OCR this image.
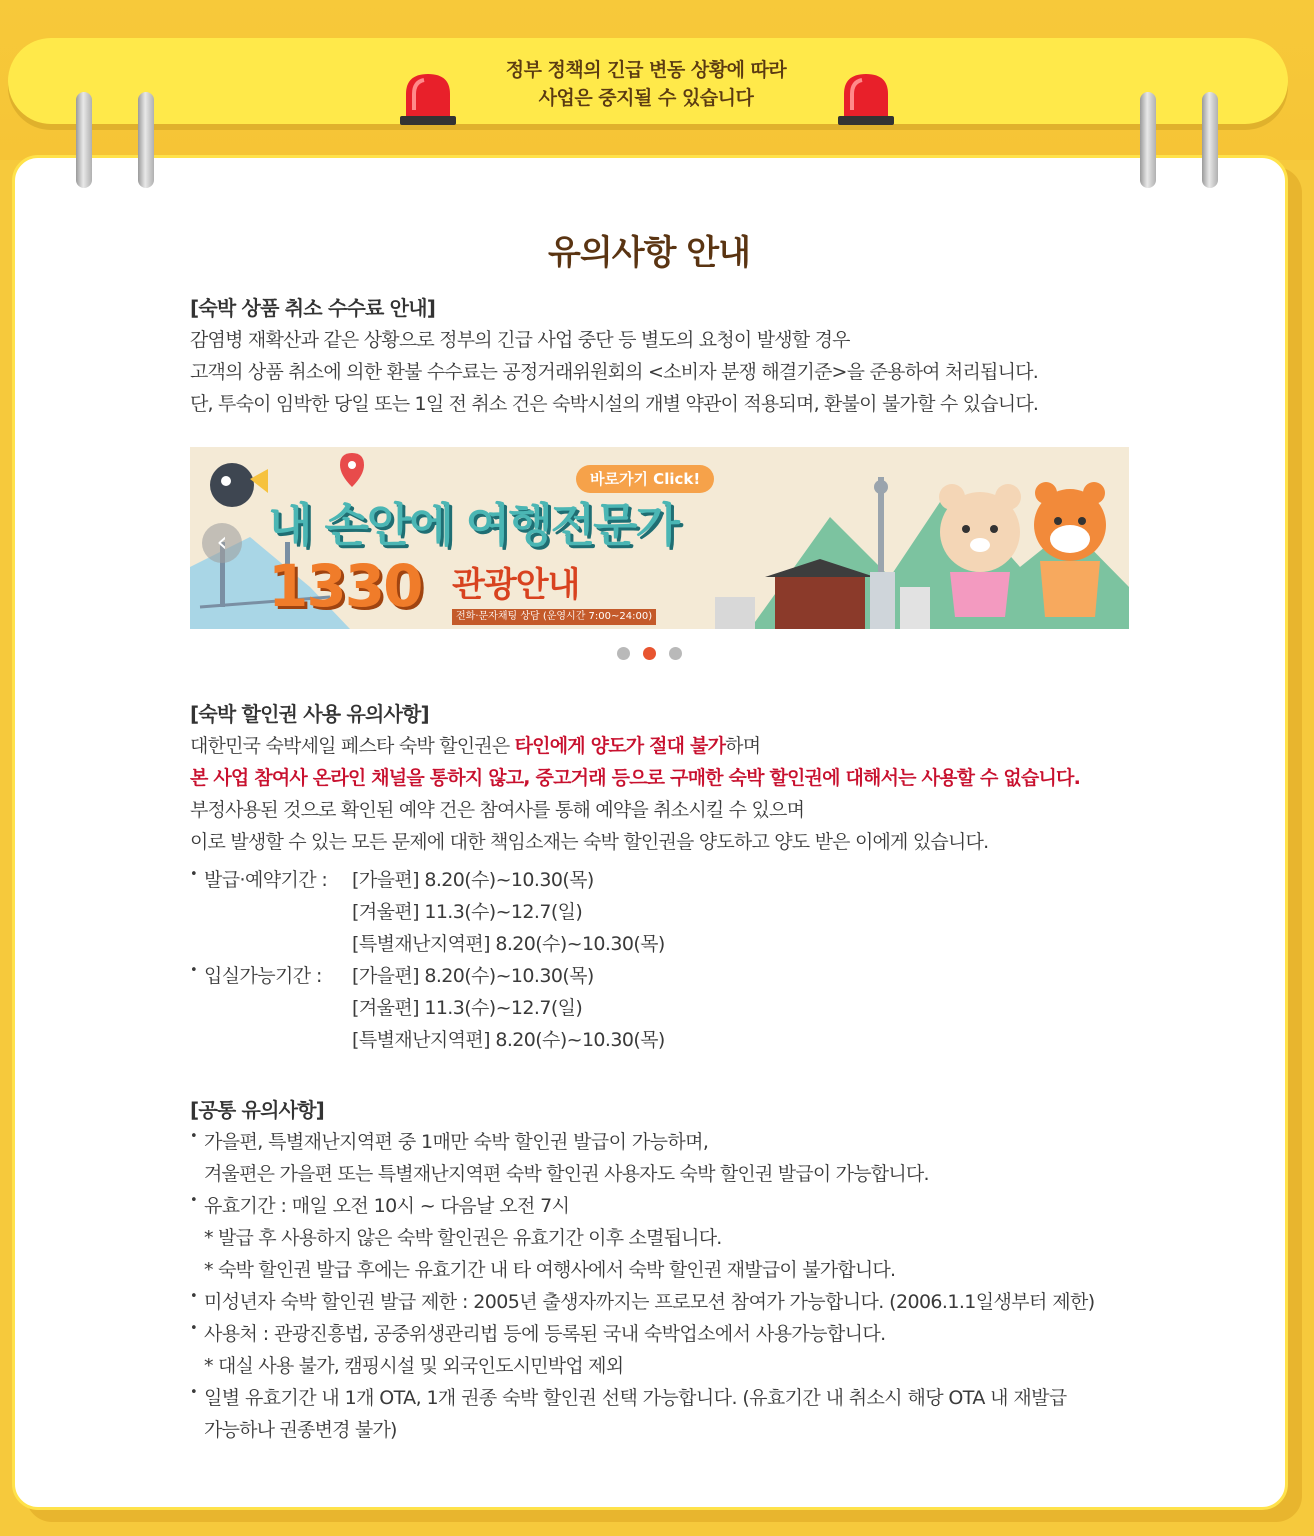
정부 정책의 긴급 변동 상황에 따라
사업은 중지될 수 있습니다
유의사항 안내
[숙박 상품 취소 수수료 안내]
감염병 재확산과 같은 상황으로 정부의 긴급 사업 중단 등 별도의 요청이 발생할 경우
고객의 상품 취소에 의한 환불 수수료는 공정거래위원회의 <소비자 분쟁 해결기준>을 준용하여 처리됩니다.
단, 투숙이 임박한 당일 또는 1일 전 취소 건은 숙박시설의 개별 약관이 적용되며, 환불이 불가할 수 있습니다.
바로가기 Click!
내 손안에 여행전문가
1330 관광안내
전화·문자채팅 상담 (운영시간 7:00~24:00)
‹
[숙박 할인권 사용 유의사항]
대한민국 숙박세일 페스타 숙박 할인권은 타인에게 양도가 절대 불가하며
본 사업 참여사 온라인 채널을 통하지 않고, 중고거래 등으로 구매한 숙박 할인권에 대해서는 사용할 수 없습니다.
부정사용된 것으로 확인된 예약 건은 참여사를 통해 예약을 취소시킬 수 있으며
이로 발생할 수 있는 모든 문제에 대한 책임소재는 숙박 할인권을 양도하고 양도 받은 이에게 있습니다.
• 발급·예약기간 :	[가을편] 8.20(수)~10.30(목)
[겨울편] 11.3(수)~12.7(일)
[특별재난지역편] 8.20(수)~10.30(목)
• 입실가능기간 :	[가을편] 8.20(수)~10.30(목)
[겨울편] 11.3(수)~12.7(일)
[특별재난지역편] 8.20(수)~10.30(목)
[공통 유의사항]
• 가을편, 특별재난지역편 중 1매만 숙박 할인권 발급이 가능하며,
겨울편은 가을편 또는 특별재난지역편 숙박 할인권 사용자도 숙박 할인권 발급이 가능합니다.
• 유효기간 : 매일 오전 10시 ~ 다음날 오전 7시
* 발급 후 사용하지 않은 숙박 할인권은 유효기간 이후 소멸됩니다.
* 숙박 할인권 발급 후에는 유효기간 내 타 여행사에서 숙박 할인권 재발급이 불가합니다.
• 미성년자 숙박 할인권 발급 제한 : 2005년 출생자까지는 프로모션 참여가 가능합니다. (2006.1.1일생부터 제한)
• 사용처 : 관광진흥법, 공중위생관리법 등에 등록된 국내 숙박업소에서 사용가능합니다.
* 대실 사용 불가, 캠핑시설 및 외국인도시민박업 제외
• 일별 유효기간 내 1개 OTA, 1개 권종 숙박 할인권 선택 가능합니다. (유효기간 내 취소시 해당 OTA 내 재발급
가능하나 권종변경 불가)
